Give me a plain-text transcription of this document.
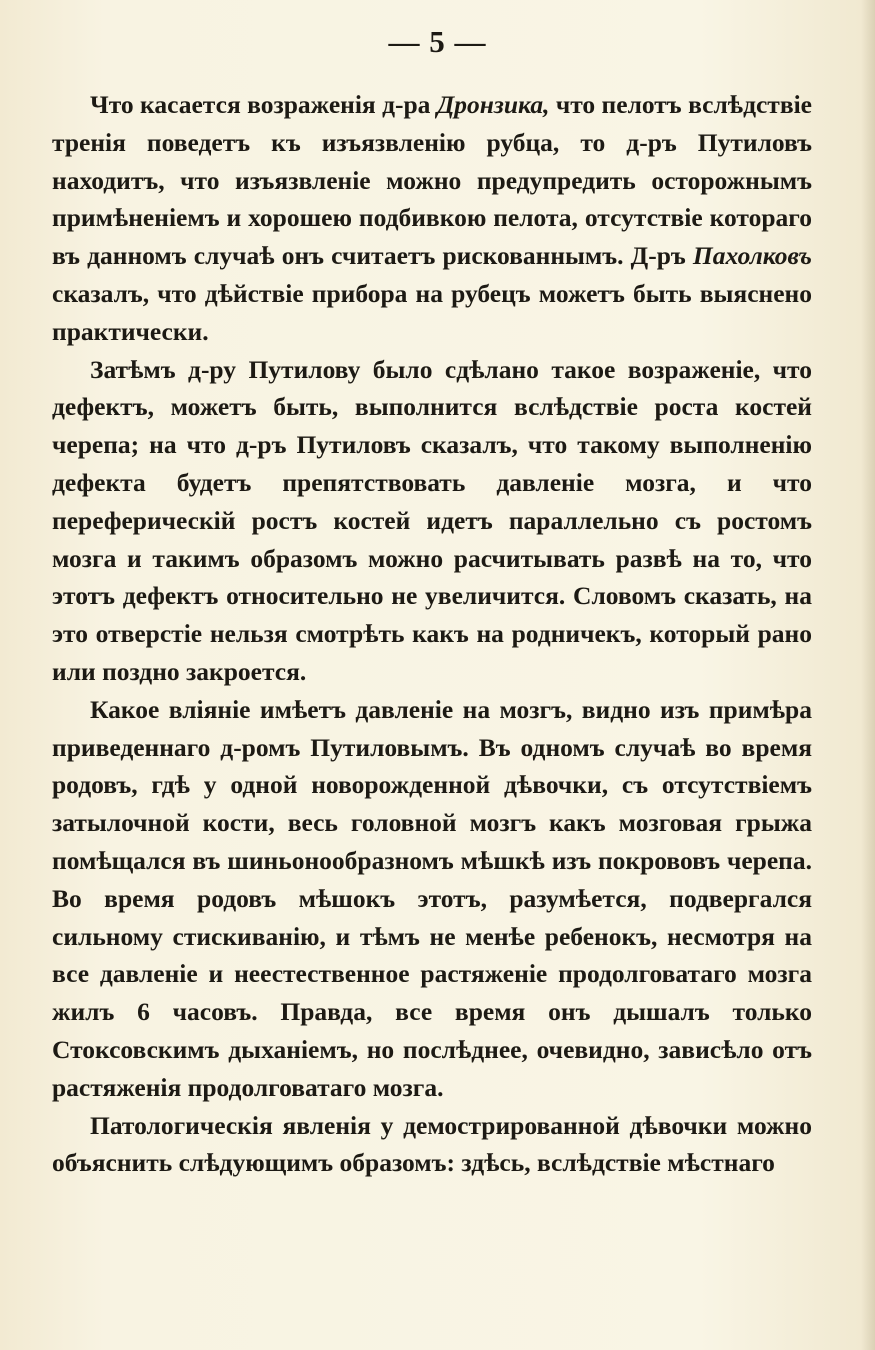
— 5 —

Что касается возраженія д-ра Дронзика, что пелотъ вслѣдствіе тренія поведетъ къ изъязвленію рубца, то д-ръ Путиловъ находитъ, что изъязвленіе можно предупредить осторожнымъ примѣненіемъ и хорошею подбивкою пелота, отсутствіе котораго въ данномъ случаѣ онъ считаетъ рискованнымъ. Д-ръ Пахолковъ сказалъ, что дѣйствіе прибора на рубецъ можетъ быть выяснено практически.

Затѣмъ д-ру Путилову было сдѣлано такое возраженіе, что дефектъ, можетъ быть, выполнится вслѣдствіе роста костей черепа; на что д-ръ Путиловъ сказалъ, что такому выполненію дефекта будетъ препятствовать давленіе мозга, и что переферическій ростъ костей идетъ параллельно съ ростомъ мозга и такимъ образомъ можно расчитывать развѣ на то, что этотъ дефектъ относительно не увеличится. Словомъ сказать, на это отверстіе нельзя смотрѣть какъ на родничекъ, который рано или поздно закроется.

Какое вліяніе имѣетъ давленіе на мозгъ, видно изъ примѣра приведеннаго д-ромъ Путиловымъ. Въ одномъ случаѣ во время родовъ, гдѣ у одной новорожденной дѣвочки, съ отсутствіемъ затылочной кости, весь головной мозгъ какъ мозговая грыжа помѣщался въ шиньонообразномъ мѣшкѣ изъ покрововъ черепа. Во время родовъ мѣшокъ этотъ, разумѣется, подвергался сильному стискиванію, и тѣмъ не менѣе ребенокъ, несмотря на все давленіе и неестественное растяженіе продолговатаго мозга жилъ 6 часовъ. Правда, все время онъ дышалъ только Стоксовскимъ дыханіемъ, но послѣднее, очевидно, зависѣло отъ растяженія продолговатаго мозга.

Патологическія явленія у демострированной дѣвочки можно объяснить слѣдующимъ образомъ: здѣсь, вслѣдствіе мѣстнаго
